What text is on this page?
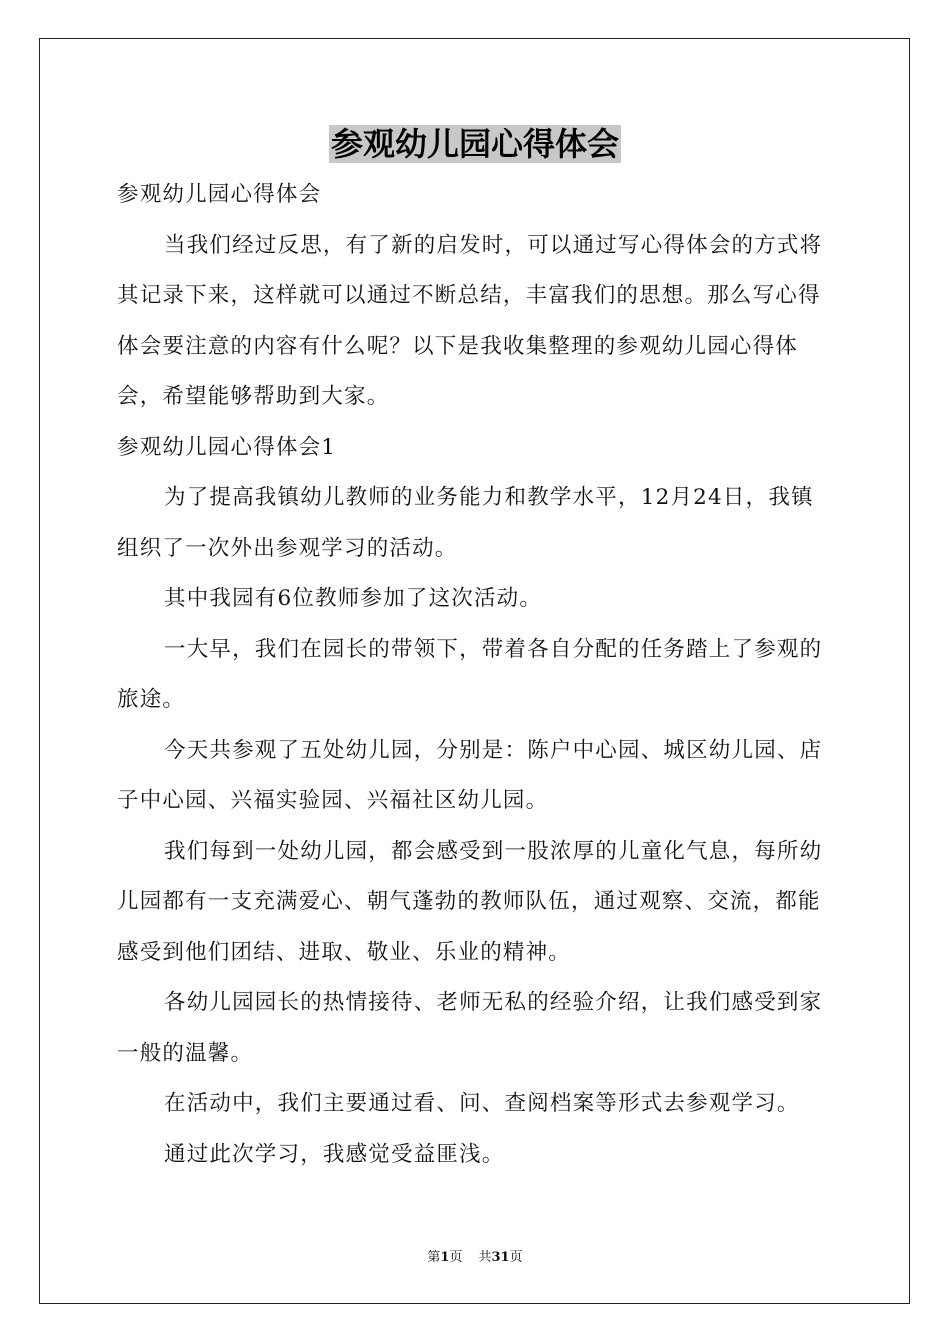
参观幼儿园心得体会

参观幼儿园心得体会

当我们经过反思，有了新的启发时，可以通过写心得体会的方式将其记录下来，这样就可以通过不断总结，丰富我们的思想。那么写心得体会要注意的内容有什么呢？以下是我收集整理的参观幼儿园心得体会，希望能够帮助到大家。

参观幼儿园心得体会1

为了提高我镇幼儿教师的业务能力和教学水平，12月24日，我镇组织了一次外出参观学习的活动。

其中我园有6位教师参加了这次活动。

一大早，我们在园长的带领下，带着各自分配的任务踏上了参观的旅途。

今天共参观了五处幼儿园，分别是：陈户中心园、城区幼儿园、店子中心园、兴福实验园、兴福社区幼儿园。

我们每到一处幼儿园，都会感受到一股浓厚的儿童化气息，每所幼儿园都有一支充满爱心、朝气蓬勃的教师队伍，通过观察、交流，都能感受到他们团结、进取、敬业、乐业的精神。

各幼儿园园长的热情接待、老师无私的经验介绍，让我们感受到家一般的温馨。

在活动中，我们主要通过看、问、查阅档案等形式去参观学习。

通过此次学习，我感觉受益匪浅。

第1页 共31页
